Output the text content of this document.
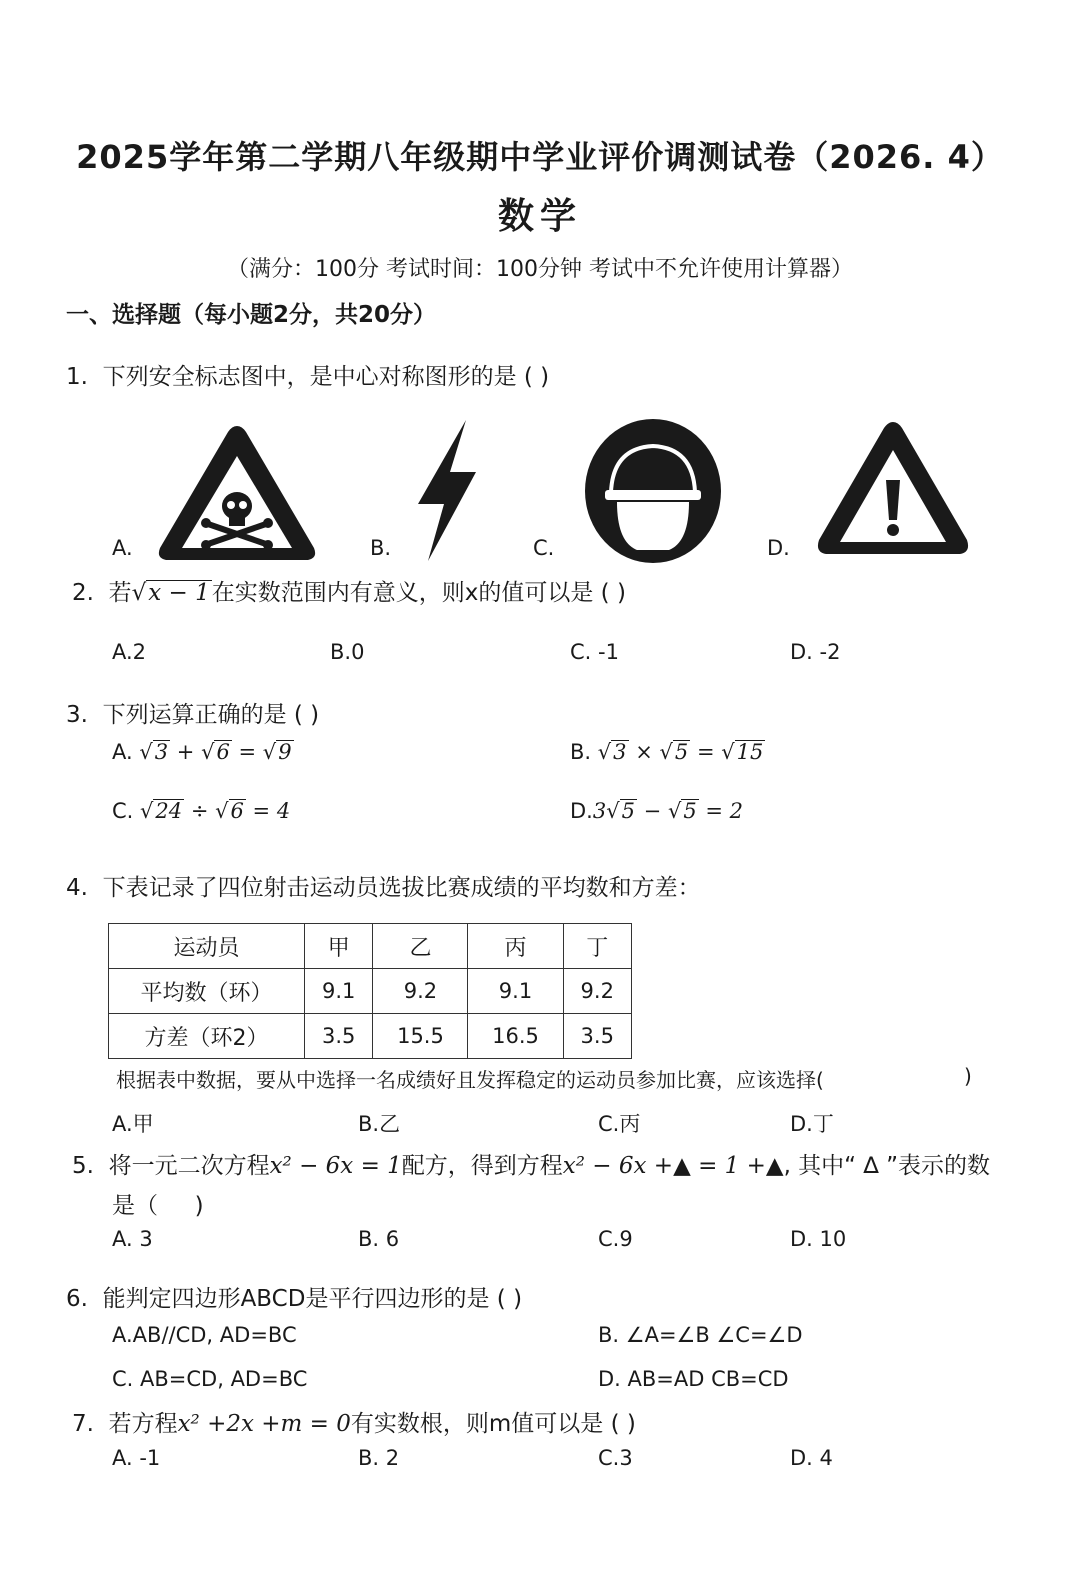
2025学年第二学期八年级期中学业评价调测试卷（2026. 4）
数学
（满分：100分 考试时间：100分钟 考试中不允许使用计算器）
一、选择题（每小题2分，共20分）
1. 下列安全标志图中，是中心对称图形的是 ( )
A.	B.	C.	D.
2. 若√x − 1在实数范围内有意义，则x的值可以是 ( )
A.2	B.0	C. -1	D. -2
3. 下列运算正确的是 ( )
A. √3 + √6 = √9	B. √3 × √5 = √15
C. √24 ÷ √6 = 4	D.3√5 − √5 = 2
4. 下表记录了四位射击运动员选拔比赛成绩的平均数和方差：
运动员	甲	乙	丙	丁
平均数（环）	9.1	9.2	9.1	9.2
方差（环2）	3.5	15.5	16.5	3.5
根据表中数据，要从中选择一名成绩好且发挥稳定的运动员参加比赛，应该选择(	)
A.甲	B.乙	C.丙	D.丁
5. 将一元二次方程x² − 6x = 1配方，得到方程x² − 6x +▲ = 1 +▲, 其中“ ∆ ”表示的数
是（ )
A. 3	B. 6	C.9	D. 10
6. 能判定四边形ABCD是平行四边形的是 ( )
A.AB//CD, AD=BC	B. ∠A=∠B ∠C=∠D
C. AB=CD, AD=BC	D. AB=AD CB=CD
7. 若方程x² +2x +m = 0有实数根，则m值可以是 ( )
A. -1	B. 2	C.3	D. 4
